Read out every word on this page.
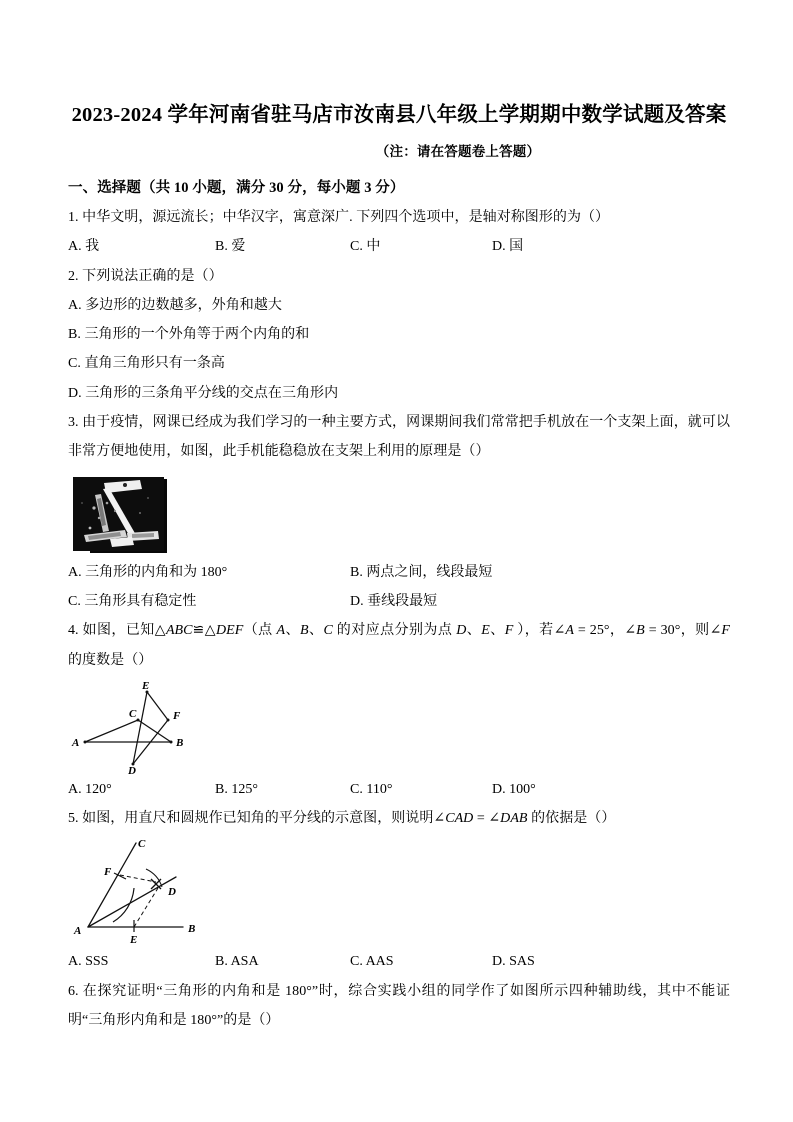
2023-2024 学年河南省驻马店市汝南县八年级上学期期中数学试题及答案
（注：请在答题卷上答题）
一、选择题（共 10 小题，满分 30 分，每小题 3 分）
1. 中华文明，源远流长；中华汉字，寓意深广. 下列四个选项中，是轴对称图形的为（）
A. 我	B. 爱	C. 中	D. 国
2. 下列说法正确的是（）
A. 多边形的边数越多，外角和越大
B. 三角形的一个外角等于两个内角的和
C. 直角三角形只有一条高
D. 三角形的三条角平分线的交点在三角形内
3. 由于疫情，网课已经成为我们学习的一种主要方式，网课期间我们常常把手机放在一个支架上面，就可以非常方便地使用，如图，此手机能稳稳放在支架上利用的原理是（）
A. 三角形的内角和为 180°	B. 两点之间，线段最短
C. 三角形具有稳定性	D. 垂线段最短
4. 如图，已知△ABC≌△DEF（点 A、B、C 的对应点分别为点 D、E、F ），若∠A = 25°，∠B = 30°，则∠F 的度数是（）
A	B
C
D
E
F
A. 120°	B. 125°	C. 110°	D. 100°
5. 如图，用直尺和圆规作已知角的平分线的示意图，则说明∠CAD = ∠DAB 的依据是（）
A	B
C
D
E
F
A. SSS	B. ASA	C. AAS	D. SAS
6. 在探究证明“三角形的内角和是 180°”时，综合实践小组的同学作了如图所示四种辅助线，其中不能证明“三角形内角和是 180°”的是（）
